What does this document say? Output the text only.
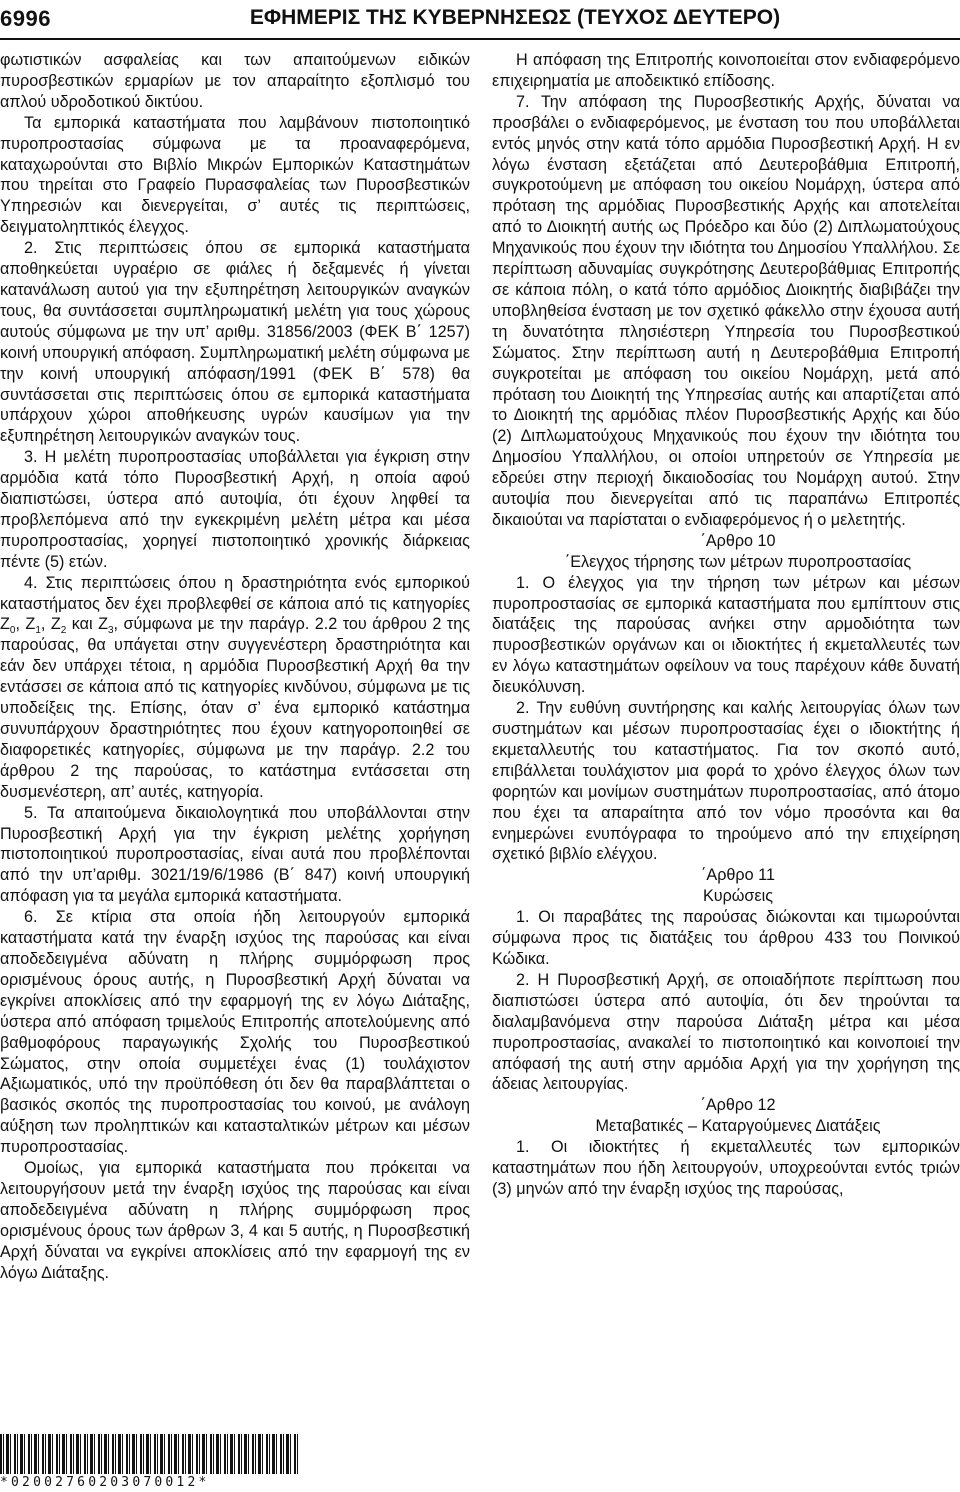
6996	ΕΦΗΜΕΡΙΣ ΤΗΣ ΚΥΒΕΡΝΗΣΕΩΣ (ΤΕΥΧΟΣ ΔΕΥΤΕΡΟ)

φωτιστικών ασφαλείας και των απαιτούμενων ειδικών πυροσβεστικών ερμαρίων με τον απαραίτητο εξοπλισμό του απλού υδροδοτικού δικτύου.

Τα εμπορικά καταστήματα που λαμβάνουν πιστοποιητικό πυροπροστασίας σύμφωνα με τα προαναφερόμενα, καταχωρούνται στο Βιβλίο Μικρών Εμπορικών Καταστημάτων που τηρείται στο Γραφείο Πυρασφαλείας των Πυροσβεστικών Υπηρεσιών και διενεργείται, σ’ αυτές τις περιπτώσεις, δειγματοληπτικός έλεγχος.

2. Στις περιπτώσεις όπου σε εμπορικά καταστήματα αποθηκεύεται υγραέριο σε φιάλες ή δεξαμενές ή γίνεται κατανάλωση αυτού για την εξυπηρέτηση λειτουργικών αναγκών τους, θα συντάσσεται συμπληρωματική μελέτη για τους χώρους αυτούς σύμφωνα με την υπ’ αριθμ. 31856/2003 (ΦΕΚ Β΄ 1257) κοινή υπουργική απόφαση. Συμπληρωματική μελέτη σύμφωνα με την κοινή υπουργική απόφαση/1991 (ΦΕΚ Β΄ 578) θα συντάσσεται στις περιπτώσεις όπου σε εμπορικά καταστήματα υπάρχουν χώροι αποθήκευσης υγρών καυσίμων για την εξυπηρέτηση λειτουργικών αναγκών τους.

3. Η μελέτη πυροπροστασίας υποβάλλεται για έγκριση στην αρμόδια κατά τόπο Πυροσβεστική Αρχή, η οποία αφού διαπιστώσει, ύστερα από αυτοψία, ότι έχουν ληφθεί τα προβλεπόμενα από την εγκεκριμένη μελέτη μέτρα και μέσα πυροπροστασίας, χορηγεί πιστοποιητικό χρονικής διάρκειας πέντε (5) ετών.

4. Στις περιπτώσεις όπου η δραστηριότητα ενός εμπορικού καταστήματος δεν έχει προβλεφθεί σε κάποια από τις κατηγορίες $Z_0$, $Z_1$, $Z_2$ και $Z_3$, σύμφωνα με την παράγρ. 2.2 του άρθρου 2 της παρούσας, θα υπάγεται στην συγγενέστερη δραστηριότητα και εάν δεν υπάρχει τέτοια, η αρμόδια Πυροσβεστική Αρχή θα την εντάσσει σε κάποια από τις κατηγορίες κινδύνου, σύμφωνα με τις υποδείξεις της. Επίσης, όταν σ’ ένα εμπορικό κατάστημα συνυπάρχουν δραστηριότητες που έχουν κατηγοροποιηθεί σε διαφορετικές κατηγορίες, σύμφωνα με την παράγρ. 2.2 του άρθρου 2 της παρούσας, το κατάστημα εντάσσεται στη δυσμενέστερη, απ’ αυτές, κατηγορία.

5. Τα απαιτούμενα δικαιολογητικά που υποβάλλονται στην Πυροσβεστική Αρχή για την έγκριση μελέτης χορήγηση πιστοποιητικού πυροπροστασίας, είναι αυτά που προβλέπονται από την υπ’αριθμ. 3021/19/6/1986 (Β΄ 847) κοινή υπουργική απόφαση για τα μεγάλα εμπορικά καταστήματα.

6. Σε κτίρια στα οποία ήδη λειτουργούν εμπορικά καταστήματα κατά την έναρξη ισχύος της παρούσας και είναι αποδεδειγμένα αδύνατη η πλήρης συμμόρφωση προς ορισμένους όρους αυτής, η Πυροσβεστική Αρχή δύναται να εγκρίνει αποκλίσεις από την εφαρμογή της εν λόγω Διάταξης, ύστερα από απόφαση τριμελούς Επιτροπής αποτελούμενης από βαθμοφόρους παραγωγικής Σχολής του Πυροσβεστικού Σώματος, στην οποία συμμετέχει ένας (1) τουλάχιστον Αξιωματικός, υπό την προϋπόθεση ότι δεν θα παραβλάπτεται ο βασικός σκοπός της πυροπροστασίας του κοινού, με ανάλογη αύξηση των προληπτικών και κατασταλτικών μέτρων και μέσων πυροπροστασίας.

Ομοίως, για εμπορικά καταστήματα που πρόκειται να λειτουργήσουν μετά την έναρξη ισχύος της παρούσας και είναι αποδεδειγμένα αδύνατη η πλήρης συμμόρφωση προς ορισμένους όρους των άρθρων 3, 4 και 5 αυτής, η Πυροσβεστική Αρχή δύναται να εγκρίνει αποκλίσεις από την εφαρμογή της εν λόγω Διάταξης.

Η απόφαση της Επιτροπής κοινοποιείται στον ενδιαφερόμενο επιχειρηματία με αποδεικτικό επίδοσης.

7. Την απόφαση της Πυροσβεστικής Αρχής, δύναται να προσβάλει ο ενδιαφερόμενος, με ένσταση του που υποβάλλεται εντός μηνός στην κατά τόπο αρμόδια Πυροσβεστική Αρχή. Η εν λόγω ένσταση εξετάζεται από Δευτεροβάθμια Επιτροπή, συγκροτούμενη με απόφαση του οικείου Νομάρχη, ύστερα από πρόταση της αρμόδιας Πυροσβεστικής Αρχής και αποτελείται από το Διοικητή αυτής ως Πρόεδρο και δύο (2) Διπλωματούχους Μηχανικούς που έχουν την ιδιότητα του Δημοσίου Υπαλλήλου. Σε περίπτωση αδυναμίας συγκρότησης Δευτεροβάθμιας Επιτροπής σε κάποια πόλη, ο κατά τόπο αρμόδιος Διοικητής διαβιβάζει την υποβληθείσα ένσταση με τον σχετικό φάκελλο στην έχουσα αυτή τη δυνατότητα πλησιέστερη Υπηρεσία του Πυροσβεστικού Σώματος. Στην περίπτωση αυτή η Δευτεροβάθμια Επιτροπή συγκροτείται με απόφαση του οικείου Νομάρχη, μετά από πρόταση του Διοικητή της Υπηρεσίας αυτής και απαρτίζεται από το Διοικητή της αρμόδιας πλέον Πυροσβεστικής Αρχής και δύο (2) Διπλωματούχους Μηχανικούς που έχουν την ιδιότητα του Δημοσίου Υπαλλήλου, οι οποίοι υπηρετούν σε Υπηρεσία με εδρεύει στην περιοχή δικαιοδοσίας του Νομάρχη αυτού. Στην αυτοψία που διενεργείται από τις παραπάνω Επιτροπές δικαιούται να παρίσταται ο ενδιαφερόμενος ή ο μελετητής.

΄Αρθρο 10

΄Ελεγχος τήρησης των μέτρων πυροπροστασίας

1. Ο έλεγχος για την τήρηση των μέτρων και μέσων πυροπροστασίας σε εμπορικά καταστήματα που εμπίπτουν στις διατάξεις της παρούσας ανήκει στην αρμοδιότητα των πυροσβεστικών οργάνων και οι ιδιοκτήτες ή εκμεταλλευτές των εν λόγω καταστημάτων οφείλουν να τους παρέχουν κάθε δυνατή διευκόλυνση.

2. Την ευθύνη συντήρησης και καλής λειτουργίας όλων των συστημάτων και μέσων πυροπροστασίας έχει ο ιδιοκτήτης ή εκμεταλλευτής του καταστήματος. Για τον σκοπό αυτό, επιβάλλεται τουλάχιστον μια φορά το χρόνο έλεγχος όλων των φορητών και μονίμων συστημάτων πυροπροστασίας, από άτομο που έχει τα απαραίτητα από τον νόμο προσόντα και θα ενημερώνει ενυπόγραφα το τηρούμενο από την επιχείρηση σχετικό βιβλίο ελέγχου.

΄Αρθρο 11

Κυρώσεις

1. Οι παραβάτες της παρούσας διώκονται και τιμωρούνται σύμφωνα προς τις διατάξεις του άρθρου 433 του Ποινικού Κώδικα.

2. Η Πυροσβεστική Αρχή, σε οποιαδήποτε περίπτωση που διαπιστώσει ύστερα από αυτοψία, ότι δεν τηρούνται τα διαλαμβανόμενα στην παρούσα Διάταξη μέτρα και μέσα πυροπροστασίας, ανακαλεί το πιστοποιητικό και κοινοποιεί την απόφασή της αυτή στην αρμόδια Αρχή για την χορήγηση της άδειας λειτουργίας.

΄Αρθρο 12

Μεταβατικές – Καταργούμενες Διατάξεις

1. Οι ιδιοκτήτες ή εκμεταλλευτές των εμπορικών καταστημάτων που ήδη λειτουργούν, υποχρεούνται εντός τριών (3) μηνών από την έναρξη ισχύος της παρούσας,

*02002760203070012*
